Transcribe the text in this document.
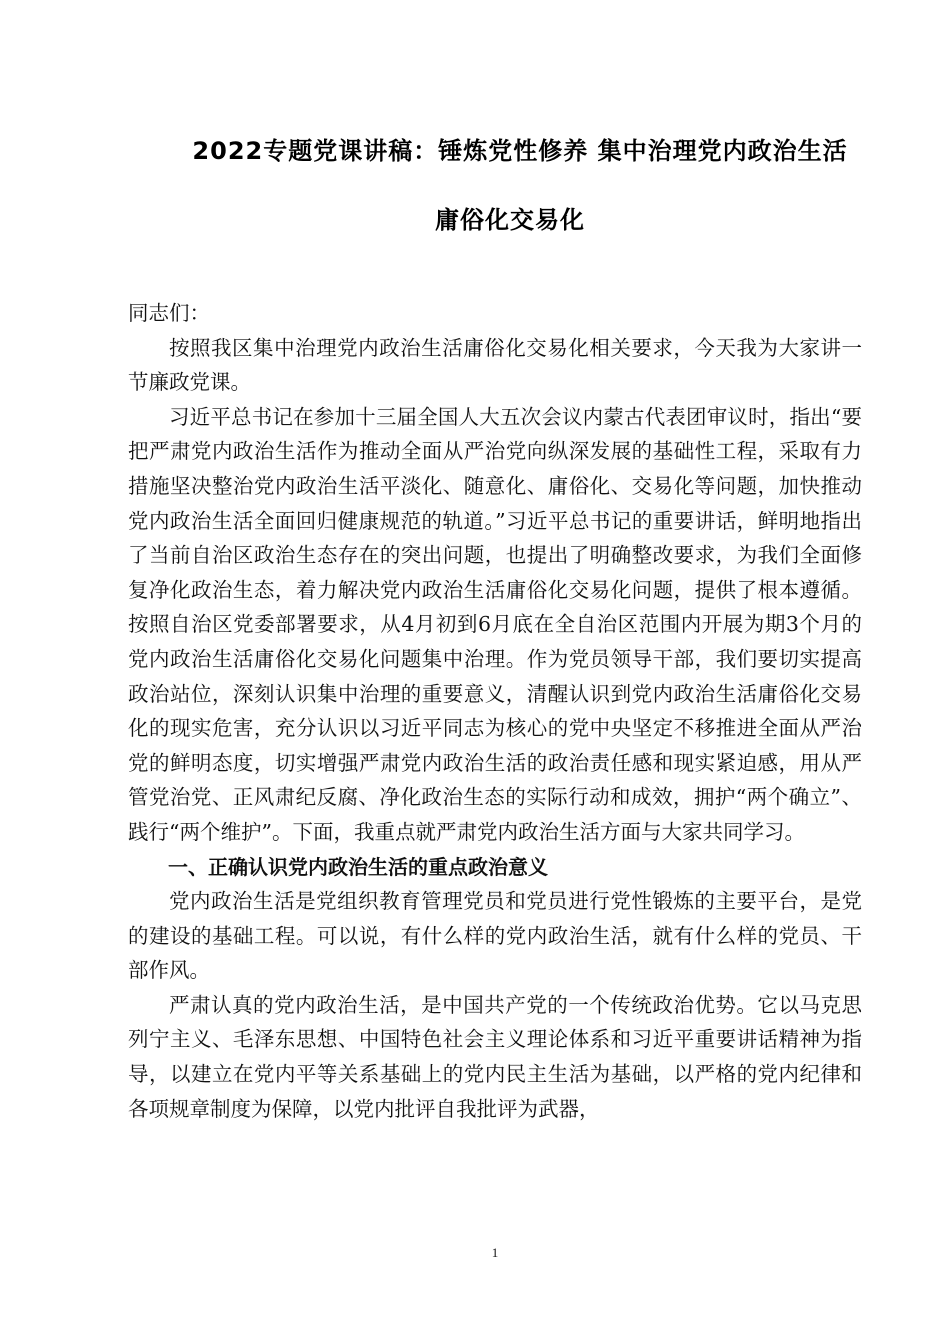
2022专题党课讲稿：锤炼党性修养 集中治理党内政治生活
庸俗化交易化

同志们：

按照我区集中治理党内政治生活庸俗化交易化相关要求，今天我为大家讲一节廉政党课。

习近平总书记在参加十三届全国人大五次会议内蒙古代表团审议时，指出“要把严肃党内政治生活作为推动全面从严治党向纵深发展的基础性工程，采取有力措施坚决整治党内政治生活平淡化、随意化、庸俗化、交易化等问题，加快推动党内政治生活全面回归健康规范的轨道。”习近平总书记的重要讲话，鲜明地指出了当前自治区政治生态存在的突出问题，也提出了明确整改要求，为我们全面修复净化政治生态，着力解决党内政治生活庸俗化交易化问题，提供了根本遵循。按照自治区党委部署要求，从4月初到6月底在全自治区范围内开展为期3个月的党内政治生活庸俗化交易化问题集中治理。作为党员领导干部，我们要切实提高政治站位，深刻认识集中治理的重要意义，清醒认识到党内政治生活庸俗化交易化的现实危害，充分认识以习近平同志为核心的党中央坚定不移推进全面从严治党的鲜明态度，切实增强严肃党内政治生活的政治责任感和现实紧迫感，用从严管党治党、正风肃纪反腐、净化政治生态的实际行动和成效，拥护“两个确立”、践行“两个维护”。下面，我重点就严肃党内政治生活方面与大家共同学习。

一、正确认识党内政治生活的重点政治意义

党内政治生活是党组织教育管理党员和党员进行党性锻炼的主要平台，是党的建设的基础工程。可以说，有什么样的党内政治生活，就有什么样的党员、干部作风。

严肃认真的党内政治生活，是中国共产党的一个传统政治优势。它以马克思列宁主义、毛泽东思想、中国特色社会主义理论体系和习近平重要讲话精神为指导，以建立在党内平等关系基础上的党内民主生活为基础，以严格的党内纪律和各项规章制度为保障，以党内批评自我批评为武器，

1
